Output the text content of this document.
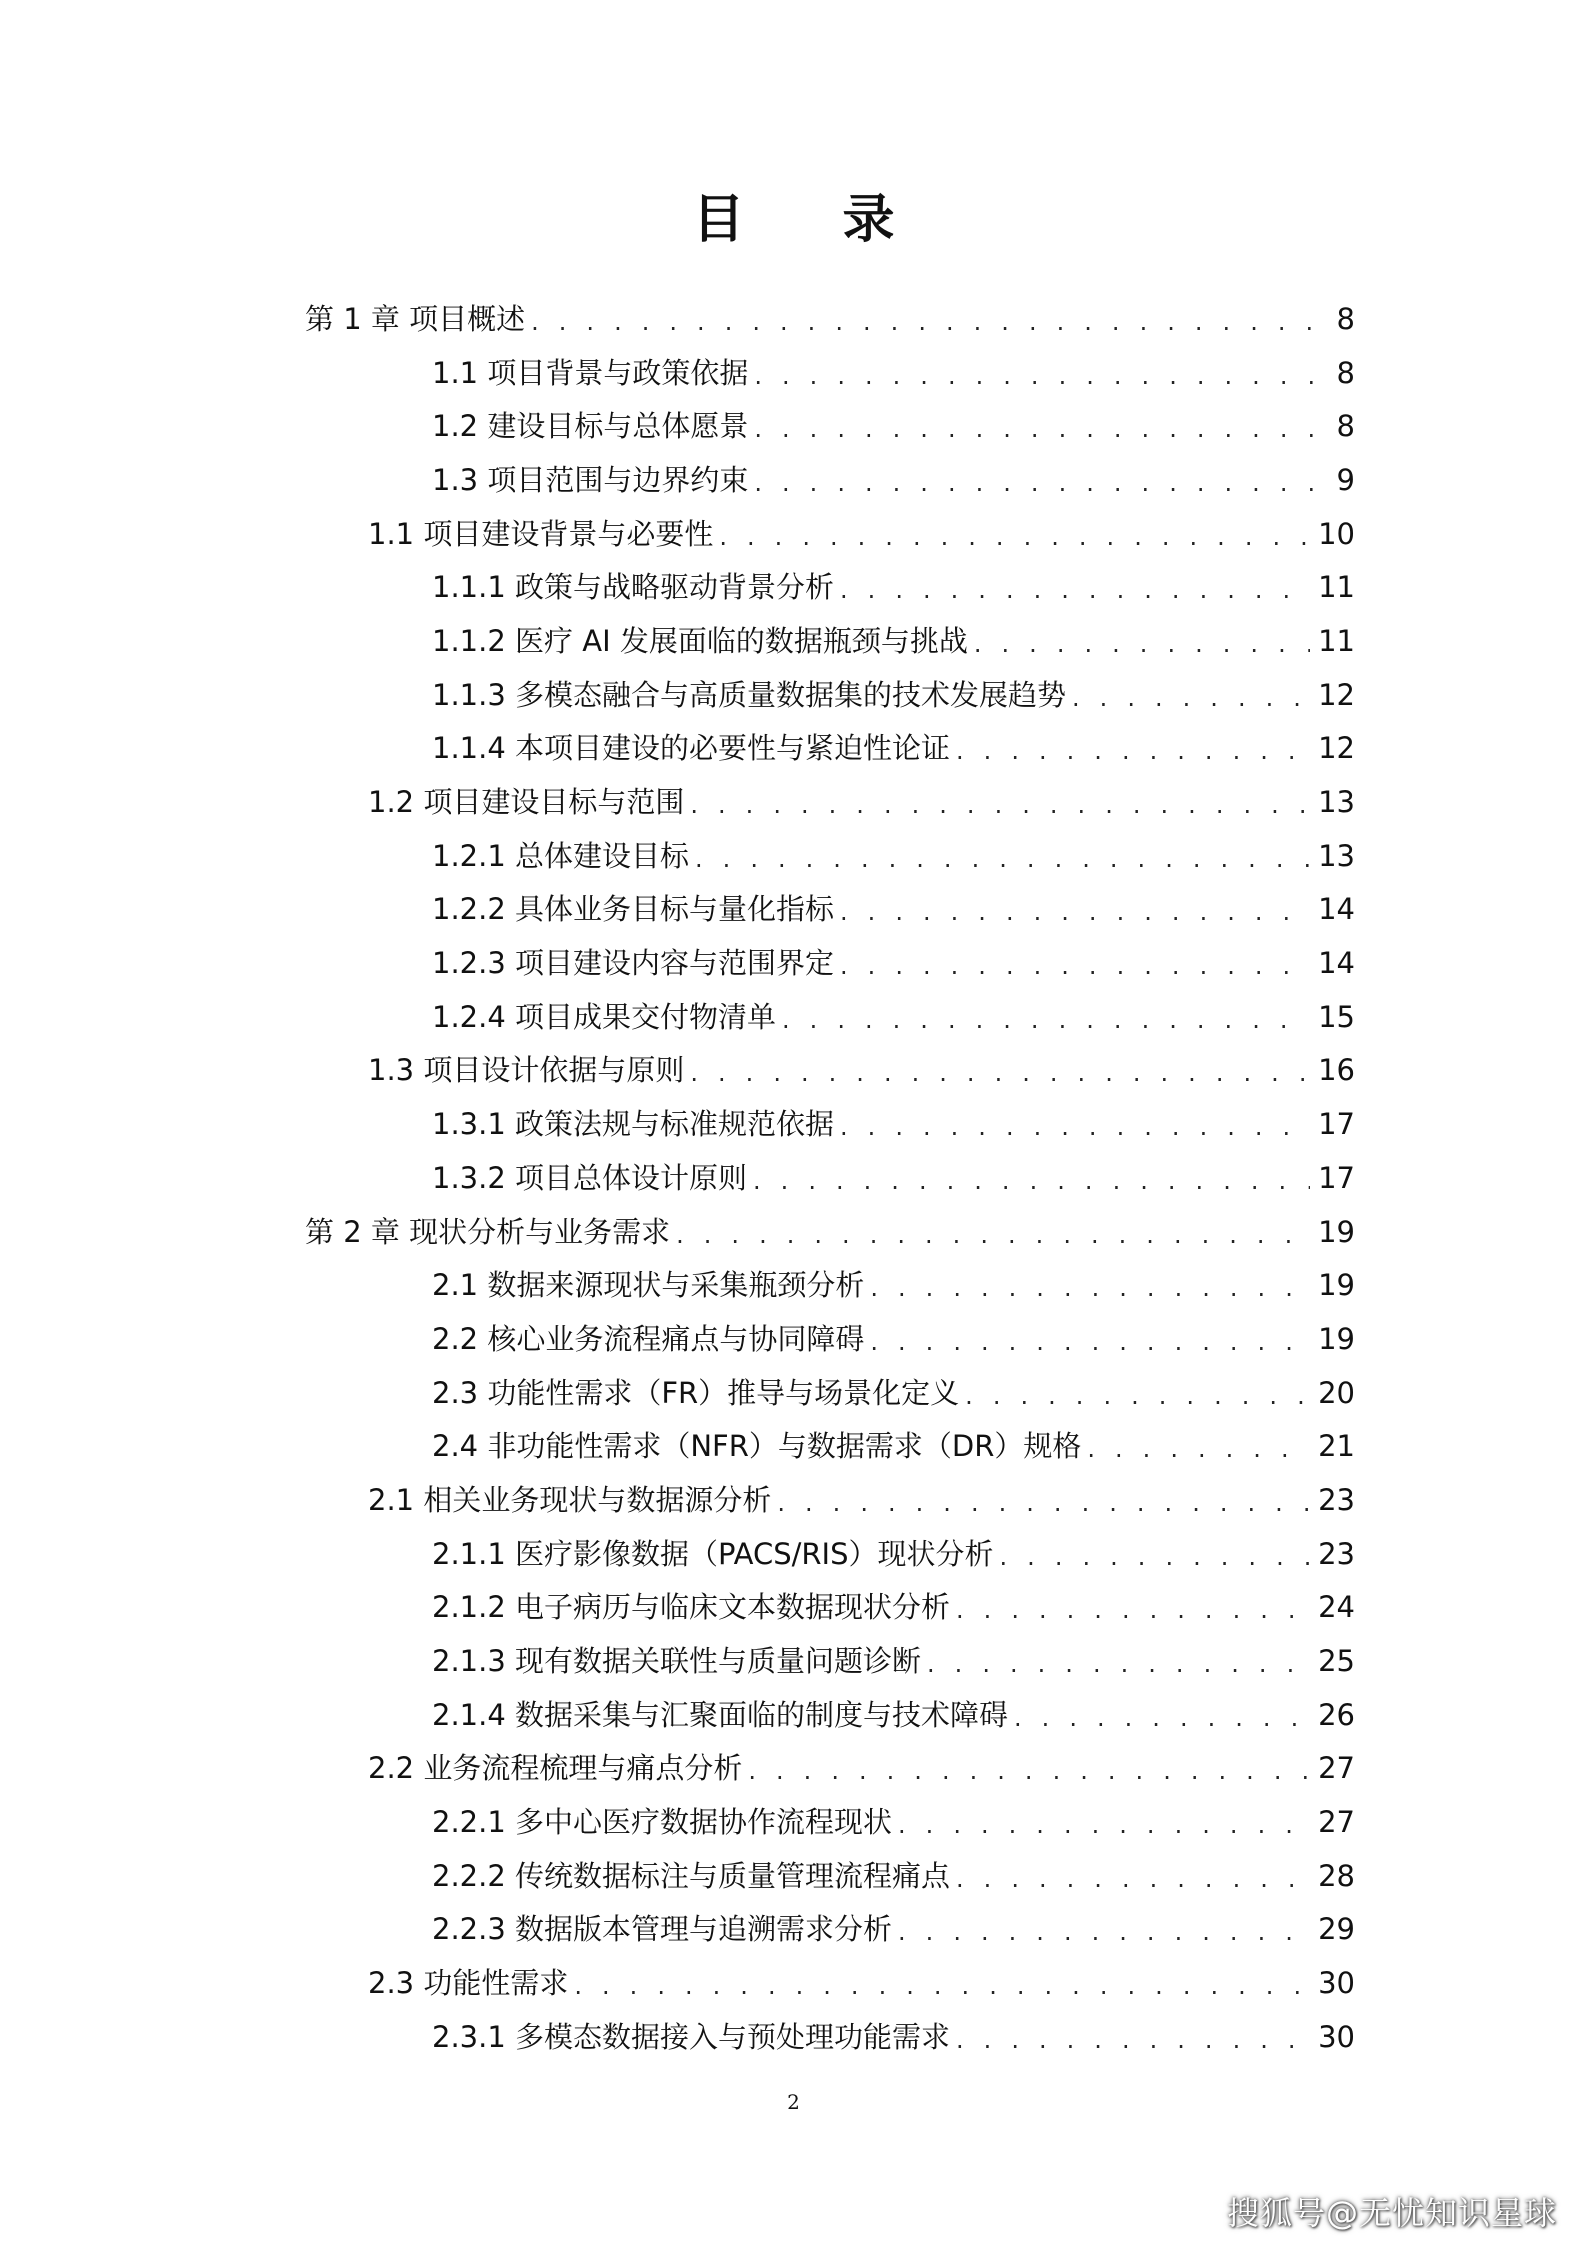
目 录
第 1 章 项目概述 . . .	8
1.1 项目背景与政策依据 . . .	8
1.2 建设目标与总体愿景 . . .	8
1.3 项目范围与边界约束 . . .	9
1.1 项目建设背景与必要性 . . .	10
1.1.1 政策与战略驱动背景分析 . . .	11
1.1.2 医疗 AI 发展面临的数据瓶颈与挑战 . . .	11
1.1.3 多模态融合与高质量数据集的技术发展趋势 . . .	12
1.1.4 本项目建设的必要性与紧迫性论证 . . .	12
1.2 项目建设目标与范围 . . .	13
1.2.1 总体建设目标 . . .	13
1.2.2 具体业务目标与量化指标 . . .	14
1.2.3 项目建设内容与范围界定 . . .	14
1.2.4 项目成果交付物清单 . . .	15
1.3 项目设计依据与原则 . . .	16
1.3.1 政策法规与标准规范依据 . . .	17
1.3.2 项目总体设计原则 . . .	17
第 2 章 现状分析与业务需求 . . .	19
2.1 数据来源现状与采集瓶颈分析 . . .	19
2.2 核心业务流程痛点与协同障碍 . . .	19
2.3 功能性需求（FR）推导与场景化定义 . . .	20
2.4 非功能性需求（NFR）与数据需求（DR）规格 . . .	21
2.1 相关业务现状与数据源分析 . . .	23
2.1.1 医疗影像数据（PACS/RIS）现状分析 . . .	23
2.1.2 电子病历与临床文本数据现状分析 . . .	24
2.1.3 现有数据关联性与质量问题诊断 . . .	25
2.1.4 数据采集与汇聚面临的制度与技术障碍 . . .	26
2.2 业务流程梳理与痛点分析 . . .	27
2.2.1 多中心医疗数据协作流程现状 . . .	27
2.2.2 传统数据标注与质量管理流程痛点 . . .	28
2.2.3 数据版本管理与追溯需求分析 . . .	29
2.3 功能性需求 . . .	30
2.3.1 多模态数据接入与预处理功能需求 . . .	30
2
搜狐号@无忧知识星球
